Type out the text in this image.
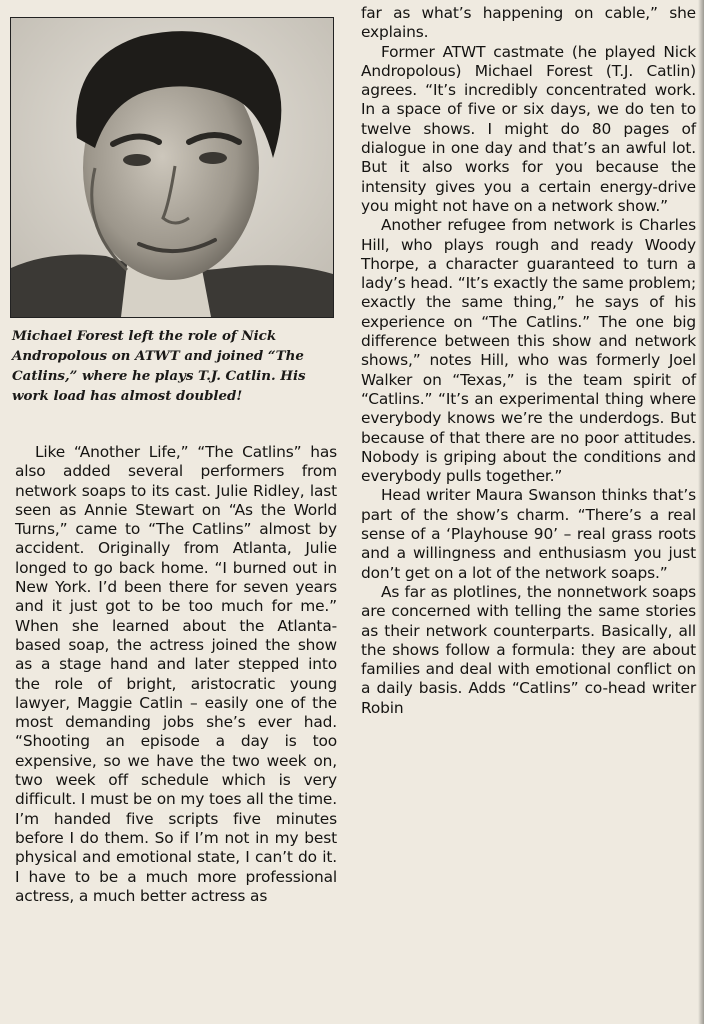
Michael Forest left the role of Nick Andropolous on ATWT and joined “The Catlins,” where he plays T.J. Catlin. His work load has almost doubled!

Like “Another Life,” “The Catlins” has also added several performers from network soaps to its cast. Julie Ridley, last seen as Annie Stewart on “As the World Turns,” came to “The Catlins” almost by accident. Originally from Atlanta, Julie longed to go back home. “I burned out in New York. I’d been there for seven years and it just got to be too much for me.” When she learned about the Atlanta-based soap, the actress joined the show as a stage hand and later stepped into the role of bright, aristocratic young lawyer, Maggie Catlin – easily one of the most demanding jobs she’s ever had. “Shooting an episode a day is too expensive, so we have the two week on, two week off schedule which is very difficult. I must be on my toes all the time. I’m handed five scripts five minutes before I do them. So if I’m not in my best physical and emotional state, I can’t do it. I have to be a much more professional actress, a much better actress as

far as what’s happening on cable,” she explains.

Former ATWT castmate (he played Nick Andropolous) Michael Forest (T.J. Catlin) agrees. “It’s incredibly concentrated work. In a space of five or six days, we do ten to twelve shows. I might do 80 pages of dialogue in one day and that’s an awful lot. But it also works for you because the intensity gives you a certain energy-drive you might not have on a network show.”

Another refugee from network is Charles Hill, who plays rough and ready Woody Thorpe, a character guaranteed to turn a lady’s head. “It’s exactly the same problem; exactly the same thing,” he says of his experience on “The Catlins.” The one big difference between this show and network shows,” notes Hill, who was formerly Joel Walker on “Texas,” is the team spirit of “Catlins.” “It’s an experimental thing where everybody knows we’re the underdogs. But because of that there are no poor attitudes. Nobody is griping about the conditions and everybody pulls together.”

Head writer Maura Swanson thinks that’s part of the show’s charm. “There’s a real sense of a ‘Playhouse 90’ – real grass roots and a willingness and enthusiasm you just don’t get on a lot of the network soaps.”

As far as plotlines, the nonnetwork soaps are concerned with telling the same stories as their network counterparts. Basically, all the shows follow a formula: they are about families and deal with emotional conflict on a daily basis. Adds “Catlins” co-head writer Robin
